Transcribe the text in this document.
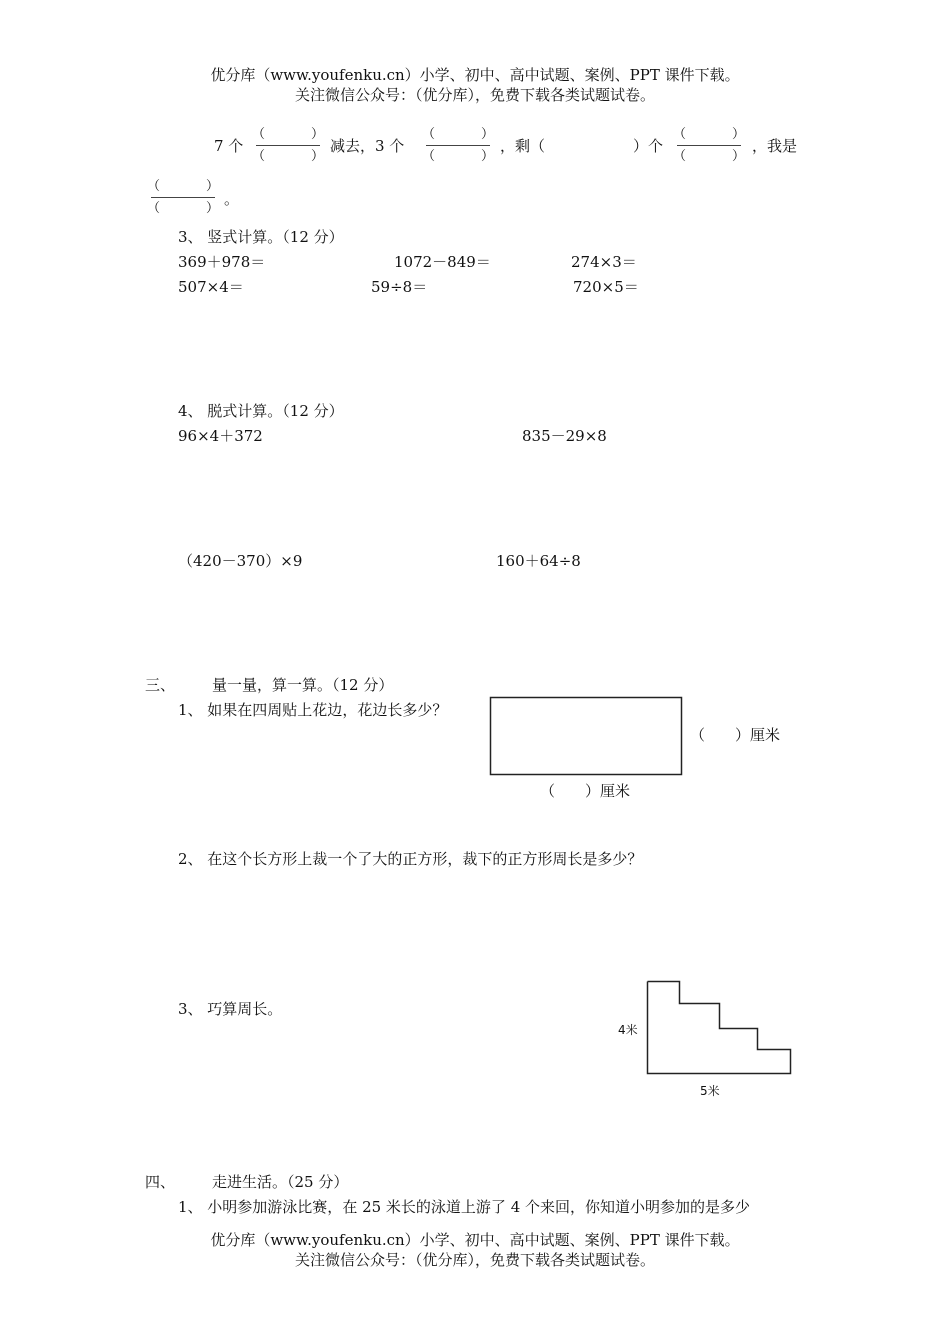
优分库（www.youfenku.cn）小学、初中、高中试题、案例、PPT 课件下载。
关注微信公众号：（优分库），免费下载各类试题试卷。
7 个
（	）
（	）
减去，3 个
（	）
（	）
，剩（	）个
（	）
（	）
，我是
（	）
（	）
。
3、 竖式计算。（12 分）
369＋978＝	1072－849＝	274×3＝
507×4＝	59÷8＝	720×5＝
4、 脱式计算。（12 分）
96×4＋372	835－29×8
（420－370）×9	160＋64÷8
三、 量一量，算一算。（12 分）
1、 如果在四周贴上花边，花边长多少？
（　　）厘米
（　　）厘米
2、 在这个长方形上裁一个了大的正方形，裁下的正方形周长是多少？
3、 巧算周长。
4米
5米
四、 走进生活。（25 分）
1、 小明参加游泳比赛，在 25 米长的泳道上游了 4 个来回，你知道小明参加的是多少
优分库（www.youfenku.cn）小学、初中、高中试题、案例、PPT 课件下载。
关注微信公众号：（优分库），免费下载各类试题试卷。
